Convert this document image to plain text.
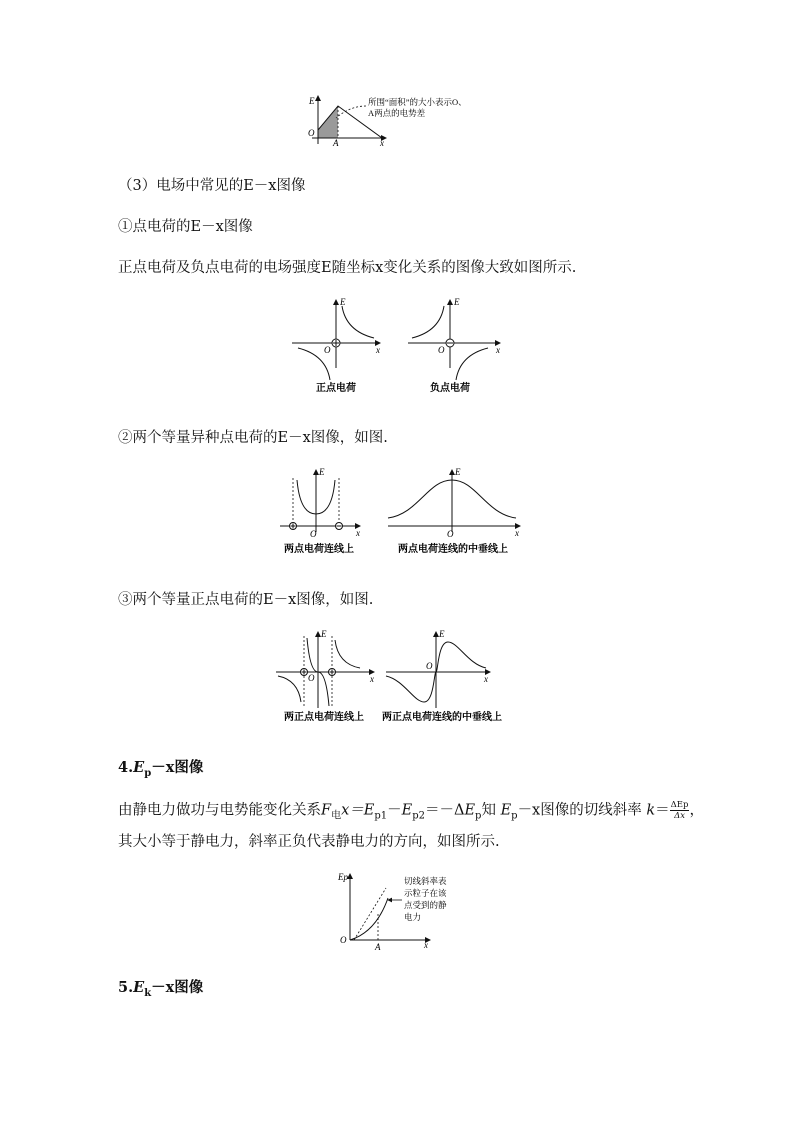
E
O
A	x
所围“面积”的大小表示O、
A两点的电势差
（3）电场中常见的E－x图像
①点电荷的E－x图像
正点电荷及负点电荷的电场强度E随坐标x变化关系的图像大致如图所示.
E
O	x
正点电荷
E
O	x
负点电荷
②两个等量异种点电荷的E－x图像，如图.
E
O	x
两点电荷连线上
E
O	x
两点电荷连线的中垂线上
③两个等量正点电荷的E－x图像，如图.
E
O	x
两正点电荷连线上
E
O
x
两正点电荷连线的中垂线上
$4.E_p-x$图像
由静电力做功与电势能变化关系$F_电x=E_{p1}-E_{p2}=-\Delta E_p$知 $E_p-x$图像的切线斜率 $k= \frac{\text{ΔEp}}{\Delta x}$ ，
其大小等于静电力，斜率正负代表静电力的方向，如图所示.
Ep
O
A	x
切线斜率表
示粒子在该
点受到的静
电力
$5.E_k-x$图像
